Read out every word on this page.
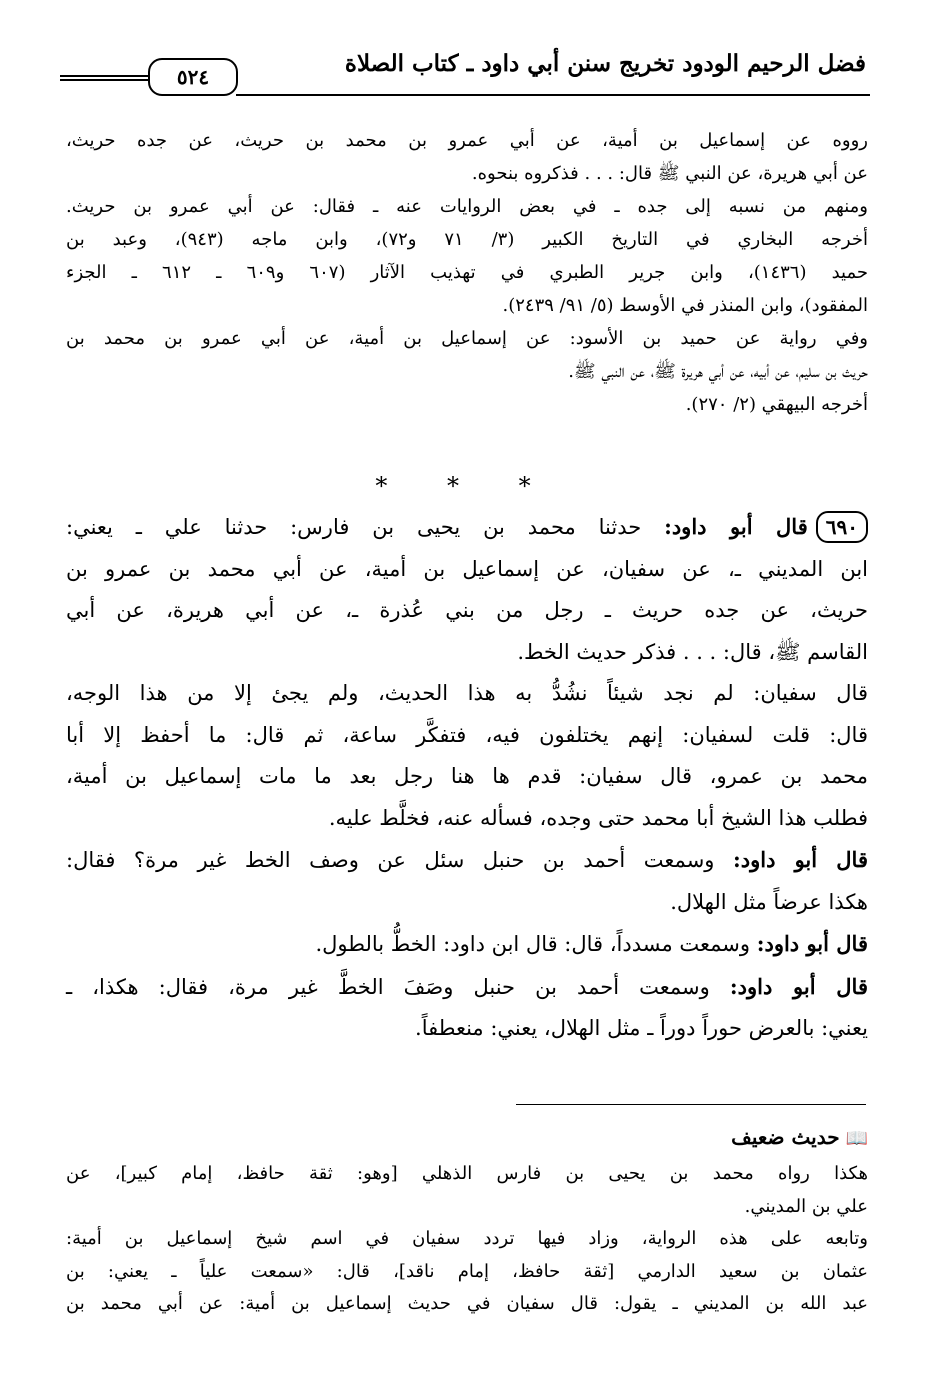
فضل الرحيم الودود تخريج سنن أبي داود ـ كتاب الصلاة
٥٢٤

رووه عن إسماعيل بن أمية، عن أبي عمرو بن محمد بن حريث، عن جده حريث،

عن أبي هريرة، عن النبي ﷺ قال: . . . فذكروه بنحوه.

ومنهم من نسبه إلى جده ـ في بعض الروايات عنه ـ فقال: عن أبي عمرو بن حريث.

أخرجه البخاري في التاريخ الكبير (٣/ ٧١ و٧٢)، وابن ماجه (٩٤٣)، وعبد بن

حميد (١٤٣٦)، وابن جرير الطبري في تهذيب الآثار (٦٠٧ و٦٠٩ ـ ٦١٢ ـ الجزء

المفقود)، وابن المنذر في الأوسط (٥/ ٩١/ ٢٤٣٩).

وفي رواية عن حميد بن الأسود: عن إسماعيل بن أمية، عن أبي عمرو بن محمد بن

حريث بن سليم، عن أبيه، عن أبي هريرة ﷺ، عن النبي ﷺ.

أخرجه البيهقي (٢/ ٢٧٠).

* * *

٦٩٠قال أبو داود: حدثنا محمد بن يحيى بن فارس: حدثنا علي ـ يعني:

ابن المديني ـ، عن سفيان، عن إسماعيل بن أمية، عن أبي محمد بن عمرو بن

حريث، عن جده حريث ـ رجل من بني عُذرة ـ، عن أبي هريرة، عن أبي

القاسم ﷺ، قال: . . . فذكر حديث الخط.

قال سفيان: لم نجد شيئاً نشُدُّ به هذا الحديث، ولم يجئ إلا من هذا الوجه،

قال: قلت لسفيان: إنهم يختلفون فيه، فتفكَّر ساعة، ثم قال: ما أحفظ إلا أبا

محمد بن عمرو، قال سفيان: قدم ها هنا رجل بعد ما مات إسماعيل بن أمية،

فطلب هذا الشيخ أبا محمد حتى وجده، فسأله عنه، فخلَّط عليه.

قال أبو داود: وسمعت أحمد بن حنبل سئل عن وصف الخط غير مرة؟ فقال:

هكذا عرضاً مثل الهلال.

قال أبو داود: وسمعت مسدداً، قال: قال ابن داود: الخطُّ بالطول.

قال أبو داود: وسمعت أحمد بن حنبل وصَفَ الخطَّ غير مرة، فقال: هكذا، ـ

يعني: بالعرض حوراً دوراً ـ مثل الهلال، يعني: منعطفاً.

📖حديث ضعيف

هكذا رواه محمد بن يحيى بن فارس الذهلي [وهو: ثقة حافظ، إمام كبير]، عن

علي بن المديني.

وتابعه على هذه الرواية، وزاد فيها تردد سفيان في اسم شيخ إسماعيل بن أمية:

عثمان بن سعيد الدارمي [ثقة حافظ، إمام ناقد]، قال: «سمعت علياً ـ يعني: بن

عبد الله بن المديني ـ يقول: قال سفيان في حديث إسماعيل بن أمية: عن أبي محمد بن
